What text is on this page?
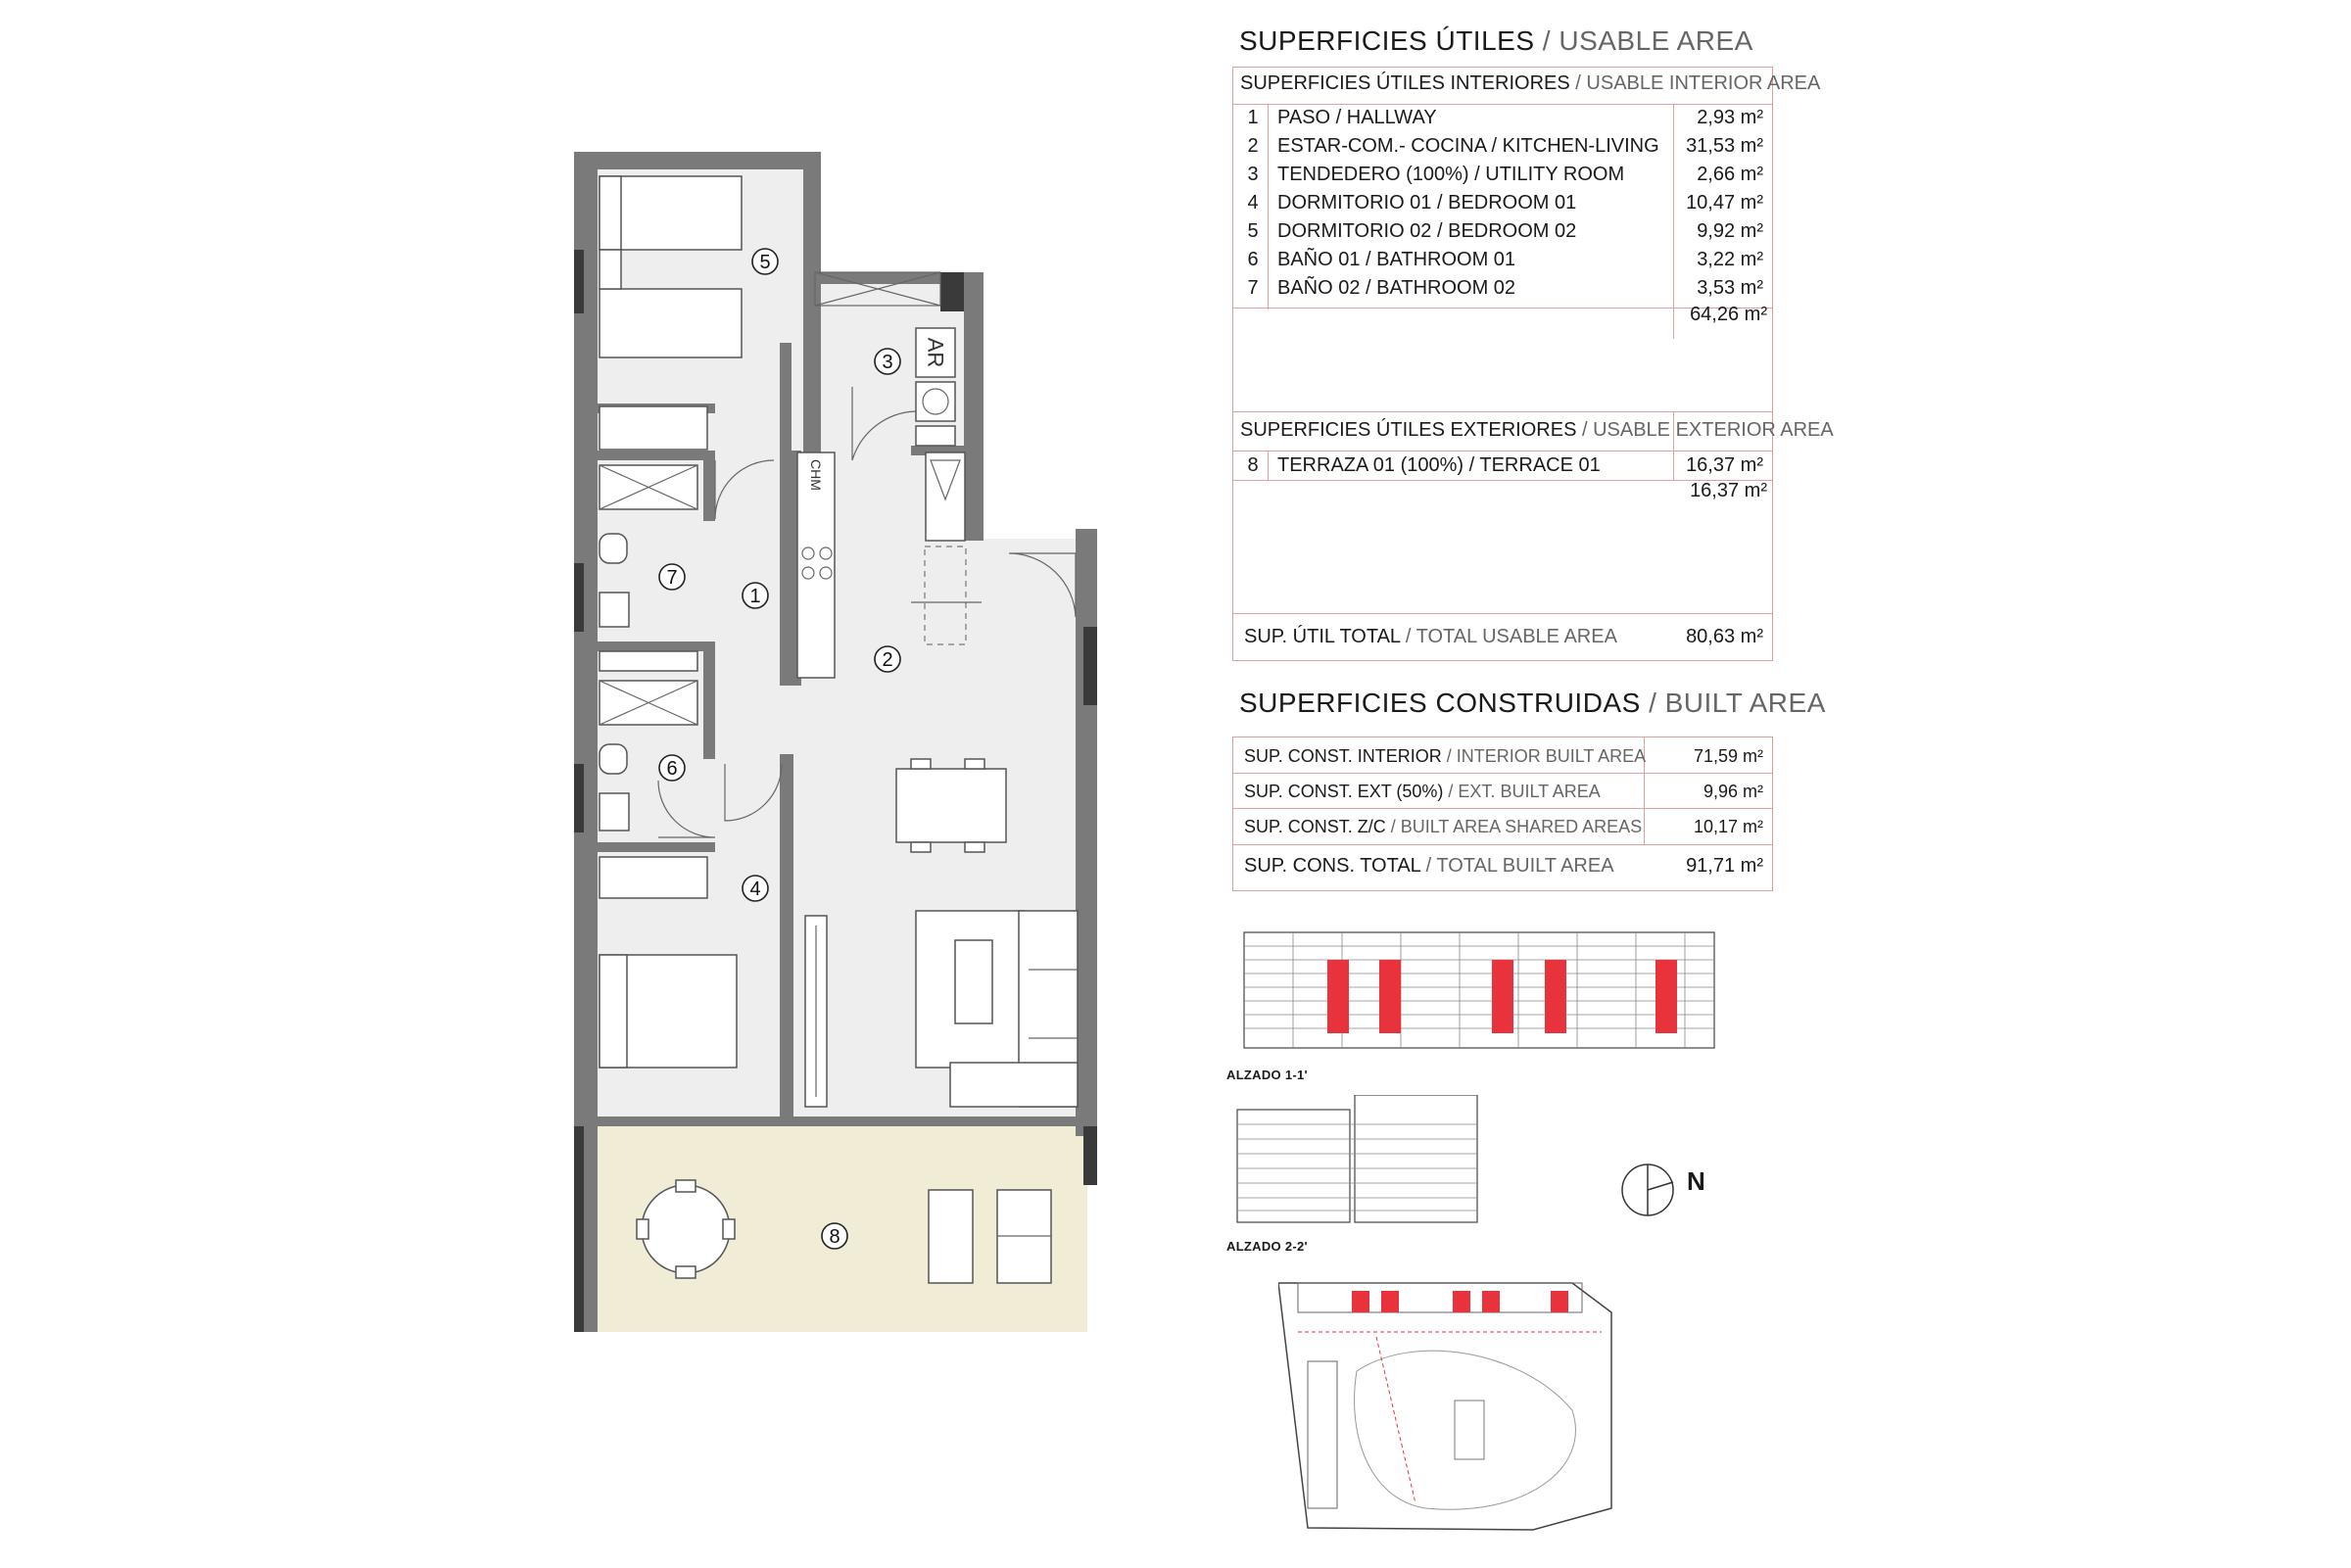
AR
CHM
5
3
7
1
2
6
4
8
SUPERFICIES ÚTILES / USABLE AREA
SUPERFICIES ÚTILES INTERIORES / USABLE INTERIOR AREA
1 PASO / HALLWAY	2,93 m²
2 ESTAR-COM.- COCINA / KITCHEN-LIVING 31,53 m²
3 TENDEDERO (100%) / UTILITY ROOM	2,66 m²
4 DORMITORIO 01 / BEDROOM 01	10,47 m²
5 DORMITORIO 02 / BEDROOM 02	9,92 m²
6 BAÑO 01 / BATHROOM 01	3,22 m²
7 BAÑO 02 / BATHROOM 02	3,53 m²
64,26 m²
SUPERFICIES ÚTILES EXTERIORES / USABLE EXTERIOR AREA
8 TERRAZA 01 (100%) / TERRACE 01	16,37 m²
16,37 m²
SUP. ÚTIL TOTAL / TOTAL USABLE AREA	80,63 m²
SUPERFICIES CONSTRUIDAS / BUILT AREA
SUP. CONST. INTERIOR / INTERIOR BUILT AREA	71,59 m²
SUP. CONST. EXT (50%) / EXT. BUILT AREA	9,96 m²
SUP. CONST. Z/C / BUILT AREA SHARED AREAS	10,17 m²
SUP. CONS. TOTAL / TOTAL BUILT AREA	91,71 m²
ALZADO 1-1'
ALZADO 2-2'
N
